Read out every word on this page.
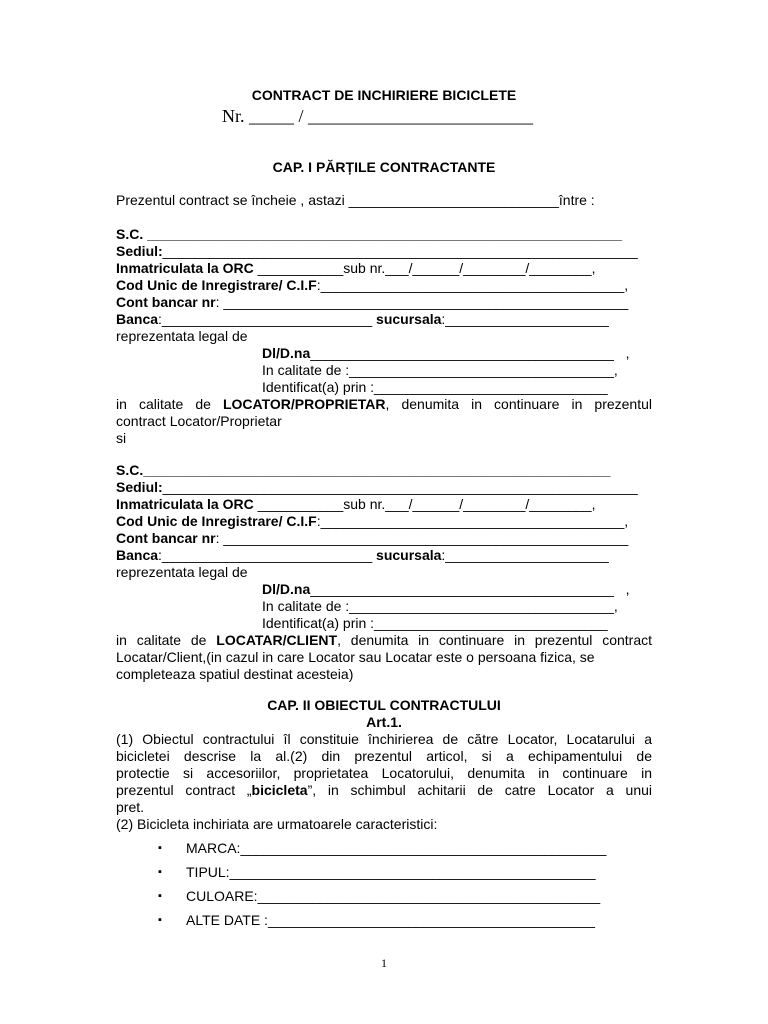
CONTRACT DE INCHIRIERE BICICLETE
Nr. _____ / _________________________
CAP. I PĂRȚILE CONTRACTANTE
Prezentul contract se încheie , astazi ___________________________între :
S.C. _____________________________________________________________
Sediul:_____________________________________________________________
Inmatriculata la ORC ___________sub nr.___/______/________/________,
Cod Unic de Inregistrare/ C.I.F:_______________________________________,
Cont bancar nr: ____________________________________________________
Banca:___________________________ sucursala:_____________________
reprezentata legal de
Dl/D.na_______________________________________   ,
In calitate de :__________________________________,
Identificat(a) prin :______________________________
in calitate de LOCATOR/PROPRIETAR, denumita in continuare in prezentul
contract Locator/Proprietar
si
S.C.____________________________________________________________
Sediul:_____________________________________________________________
Inmatriculata la ORC ___________sub nr.___/______/________/________,
Cod Unic de Inregistrare/ C.I.F:_______________________________________,
Cont bancar nr: ____________________________________________________
Banca:___________________________ sucursala:_____________________
reprezentata legal de
Dl/D.na_______________________________________   ,
In calitate de :__________________________________,
Identificat(a) prin :______________________________
in calitate de LOCATAR/CLIENT, denumita in continuare in prezentul contract
Locatar/Client,(in cazul in care Locator sau Locatar este o persoana fizica, se
completeaza spatiul destinat acesteia)
CAP. II OBIECTUL CONTRACTULUI
Art.1.
(1) Obiectul contractului îl constituie închirierea de către Locator, Locatarului a
bicicletei descrise la al.(2) din prezentul articol, si a echipamentului de
protectie si accesoriilor, proprietatea Locatorului, denumita in continuare in
prezentul contract „bicicleta”, in schimbul achitarii de catre Locator a unui
pret.
(2) Bicicleta inchiriata are urmatoarele caracteristici:
▪ MARCA:_______________________________________________
▪ TIPUL:_______________________________________________
▪ CULOARE:____________________________________________
▪ ALTE DATE :__________________________________________
1
